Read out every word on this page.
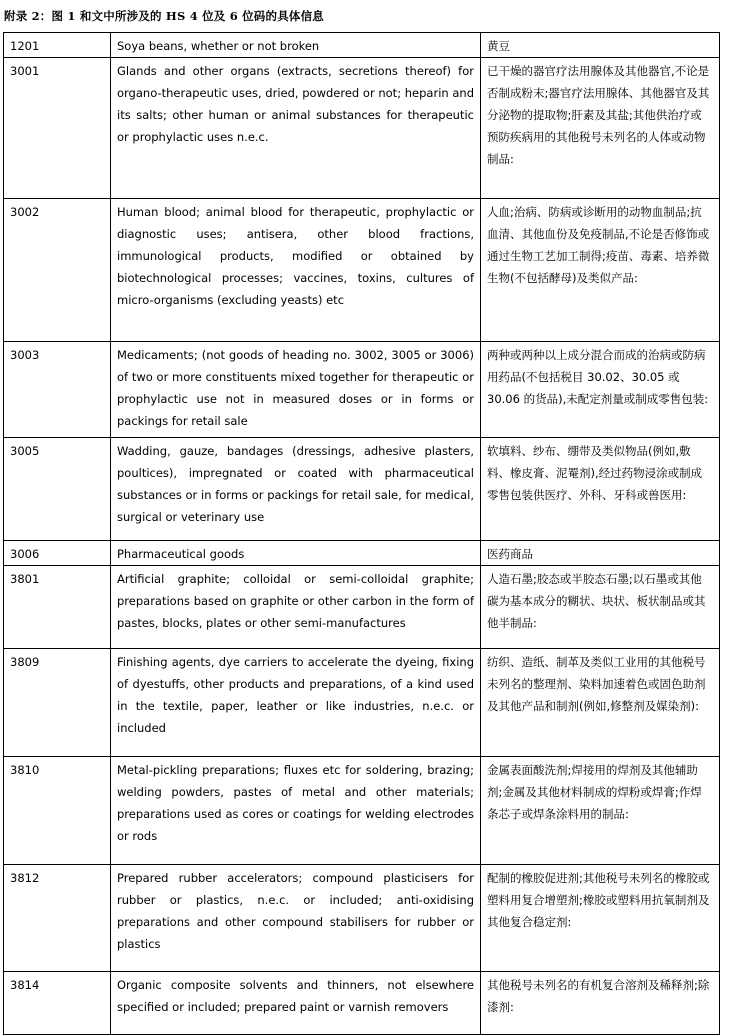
附录 2：图 1 和文中所涉及的 HS 4 位及 6 位码的具体信息
1201	Soya beans, whether or not broken	黄豆
3001	Glands and other organs (extracts, secretions thereof) for organo-therapeutic uses, dried, powdered or not; heparin and its salts; other human or animal substances for therapeutic or prophylactic uses n.e.c.	已干燥的器官疗法用腺体及其他器官,不论是否制成粉末;器官疗法用腺体、其他器官及其分泌物的提取物;肝素及其盐;其他供治疗或预防疾病用的其他税号未列名的人体或动物制品:
3002	Human blood; animal blood for therapeutic, prophylactic or diagnostic uses; antisera, other blood fractions, immunological products, modified or obtained by biotechnological processes; vaccines, toxins, cultures of micro-organisms (excluding yeasts) etc	人血;治病、防病或诊断用的动物血制品;抗血清、其他血份及免疫制品,不论是否修饰或通过生物工艺加工制得;疫苗、毒素、培养微生物(不包括酵母)及类似产品:
3003	Medicaments; (not goods of heading no. 3002, 3005 or 3006) of two or more constituents mixed together for therapeutic or prophylactic use not in measured doses or in forms or packings for retail sale	两种或两种以上成分混合而成的治病或防病用药品(不包括税目 30.02、30.05 或 30.06 的货品),未配定剂量或制成零售包装:
3005	Wadding, gauze, bandages (dressings, adhesive plasters, poultices), impregnated or coated with pharmaceutical substances or in forms or packings for retail sale, for medical, surgical or veterinary use	软填料、纱布、绷带及类似物品(例如,敷料、橡皮膏、泥罨剂),经过药物浸涂或制成零售包装供医疗、外科、牙科或兽医用:
3006	Pharmaceutical goods	医药商品
3801	Artificial graphite; colloidal or semi-colloidal graphite; preparations based on graphite or other carbon in the form of pastes, blocks, plates or other semi-manufactures	人造石墨;胶态或半胶态石墨;以石墨或其他碳为基本成分的糊状、块状、板状制品或其他半制品:
3809	Finishing agents, dye carriers to accelerate the dyeing, fixing of dyestuffs, other products and preparations, of a kind used in the textile, paper, leather or like industries, n.e.c. or included	纺织、造纸、制革及类似工业用的其他税号未列名的整理剂、染料加速着色或固色助剂及其他产品和制剂(例如,修整剂及媒染剂):
3810	Metal-pickling preparations; fluxes etc for soldering, brazing; welding powders, pastes of metal and other materials; preparations used as cores or coatings for welding electrodes or rods	金属表面酸洗剂;焊接用的焊剂及其他辅助剂;金属及其他材料制成的焊粉或焊膏;作焊条芯子或焊条涂料用的制品:
3812	Prepared rubber accelerators; compound plasticisers for rubber or plastics, n.e.c. or included; anti-oxidising preparations and other compound stabilisers for rubber or plastics	配制的橡胶促进剂;其他税号未列名的橡胶或塑料用复合增塑剂;橡胶或塑料用抗氧制剂及其他复合稳定剂:
3814	Organic composite solvents and thinners, not elsewhere specified or included; prepared paint or varnish removers	其他税号未列名的有机复合溶剂及稀释剂;除漆剂:
